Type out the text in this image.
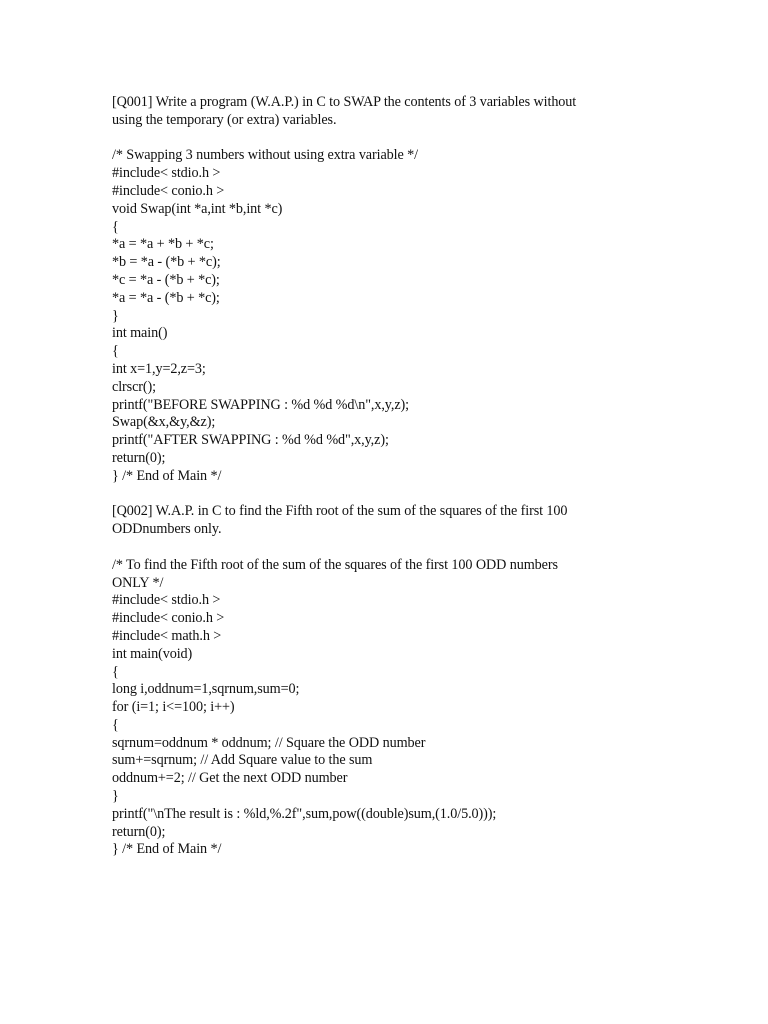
[Q001] Write a program (W.A.P.) in C to SWAP the contents of 3 variables without
using the temporary (or extra) variables.
/* Swapping 3 numbers without using extra variable */
#include< stdio.h >
#include< conio.h >
void Swap(int *a,int *b,int *c)
{
*a = *a + *b + *c;
*b = *a - (*b + *c);
*c = *a - (*b + *c);
*a = *a - (*b + *c);
}
int main()
{
int x=1,y=2,z=3;
clrscr();
printf("BEFORE SWAPPING : %d %d %d\n",x,y,z);
Swap(&x,&y,&z);
printf("AFTER SWAPPING : %d %d %d",x,y,z);
return(0);
} /* End of Main */
[Q002] W.A.P. in C to find the Fifth root of the sum of the squares of the first 100
ODDnumbers only.
/* To find the Fifth root of the sum of the squares of the first 100 ODD numbers
ONLY */
#include< stdio.h >
#include< conio.h >
#include< math.h >
int main(void)
{
long i,oddnum=1,sqrnum,sum=0;
for (i=1; i<=100; i++)
{
sqrnum=oddnum * oddnum; // Square the ODD number
sum+=sqrnum; // Add Square value to the sum
oddnum+=2; // Get the next ODD number
}
printf("\nThe result is : %ld,%.2f",sum,pow((double)sum,(1.0/5.0)));
return(0);
} /* End of Main */
